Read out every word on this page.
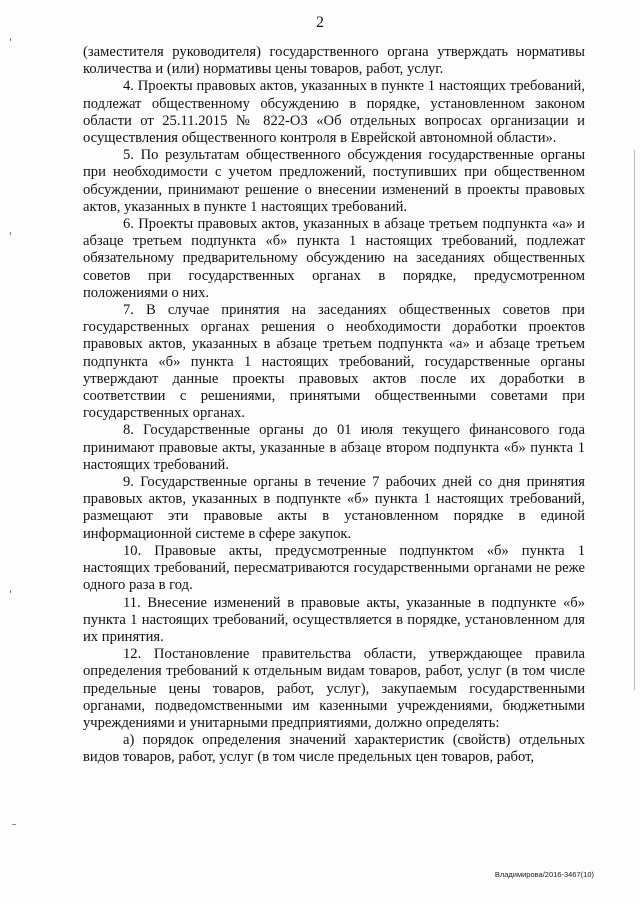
2

(заместителя руководителя) государственного органа утверждать нормативы количества и (или) нормативы цены товаров, работ, услуг.

4. Проекты правовых актов, указанных в пункте 1 настоящих требований, подлежат общественному обсуждению в порядке, установленном законом области от 25.11.2015 № 822-ОЗ «Об отдельных вопросах организации и осуществления общественного контроля в Еврейской автономной области».

5. По результатам общественного обсуждения государственные органы при необходимости с учетом предложений, поступивших при общественном обсуждении, принимают решение о внесении изменений в проекты правовых актов, указанных в пункте 1 настоящих требований.

6. Проекты правовых актов, указанных в абзаце третьем подпункта «а» и абзаце третьем подпункта «б» пункта 1 настоящих требований, подлежат обязательному предварительному обсуждению на заседаниях общественных советов при государственных органах в порядке, предусмотренном положениями о них.

7. В случае принятия на заседаниях общественных советов при государственных органах решения о необходимости доработки проектов правовых актов, указанных в абзаце третьем подпункта «а» и абзаце третьем подпункта «б» пункта 1 настоящих требований, государственные органы утверждают данные проекты правовых актов после их доработки в соответствии с решениями, принятыми общественными советами при государственных органах.

8. Государственные органы до 01 июля текущего финансового года принимают правовые акты, указанные в абзаце втором подпункта «б» пункта 1 настоящих требований.

9. Государственные органы в течение 7 рабочих дней со дня принятия правовых актов, указанных в подпункте «б» пункта 1 настоящих требований, размещают эти правовые акты в установленном порядке в единой информационной системе в сфере закупок.

10. Правовые акты, предусмотренные подпунктом «б» пункта 1 настоящих требований, пересматриваются государственными органами не реже одного раза в год.

11. Внесение изменений в правовые акты, указанные в подпункте «б» пункта 1 настоящих требований, осуществляется в порядке, установленном для их принятия.

12. Постановление правительства области, утверждающее правила определения требований к отдельным видам товаров, работ, услуг (в том числе предельные цены товаров, работ, услуг), закупаемым государственными органами, подведомственными им казенными учреждениями, бюджетными учреждениями и унитарными предприятиями, должно определять:

а) порядок определения значений характеристик (свойств) отдельных видов товаров, работ, услуг (в том числе предельных цен товаров, работ,

Владимирова/2016-3467(10)
